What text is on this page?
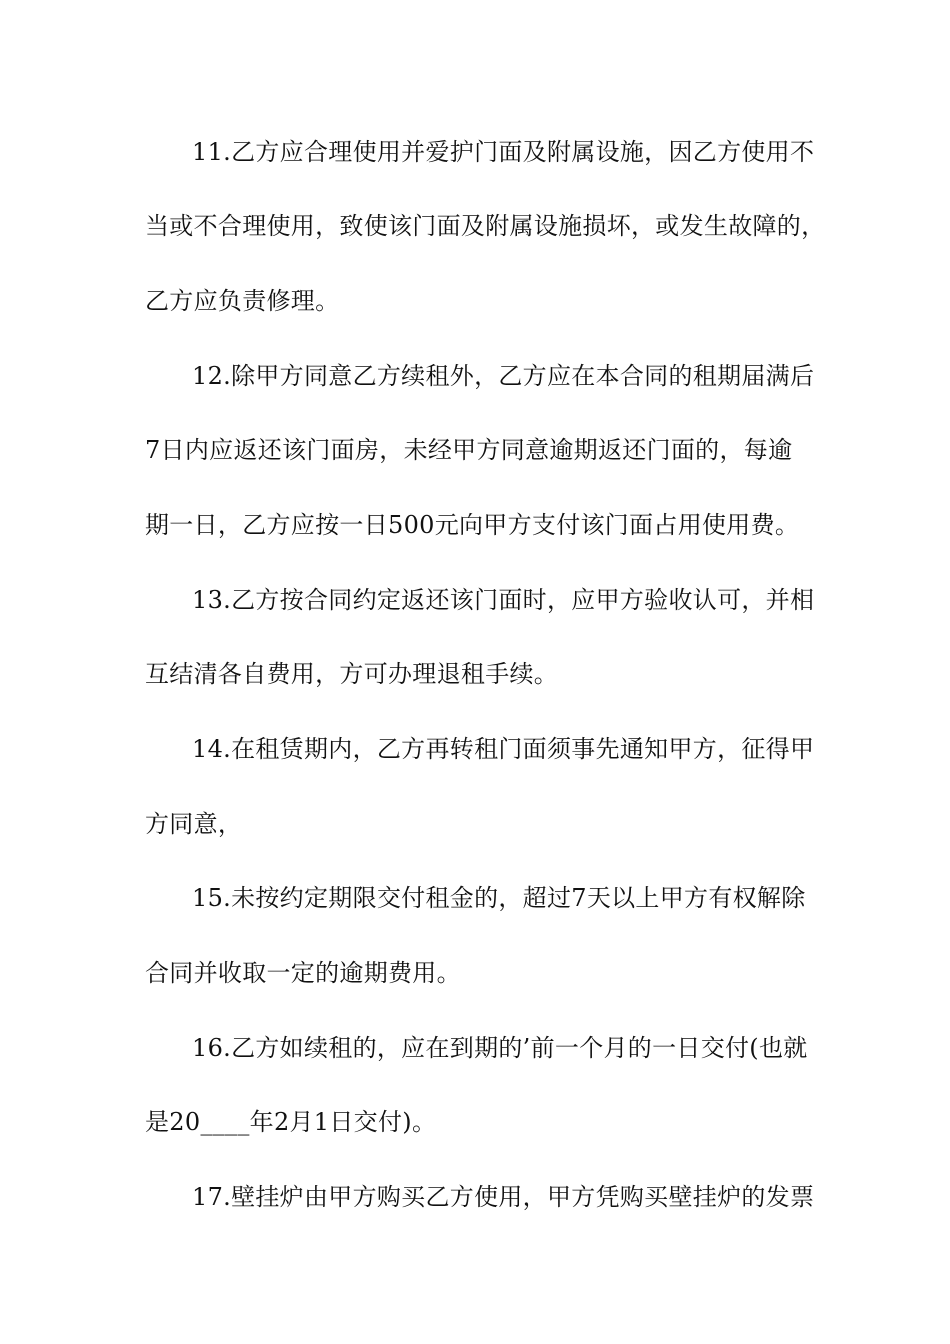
11.乙方应合理使用并爱护门面及附属设施，因乙方使用不
当或不合理使用，致使该门面及附属设施损坏，或发生故障的，
乙方应负责修理。
12.除甲方同意乙方续租外，乙方应在本合同的租期届满后
7日内应返还该门面房，未经甲方同意逾期返还门面的，每逾
期一日，乙方应按一日500元向甲方支付该门面占用使用费。
13.乙方按合同约定返还该门面时，应甲方验收认可，并相
互结清各自费用，方可办理退租手续。
14.在租赁期内，乙方再转租门面须事先通知甲方，征得甲
方同意，
15.未按约定期限交付租金的，超过7天以上甲方有权解除
合同并收取一定的逾期费用。
16.乙方如续租的，应在到期的’前一个月的一日交付(也就
是20____年2月1日交付)。
17.壁挂炉由甲方购买乙方使用，甲方凭购买壁挂炉的发票
